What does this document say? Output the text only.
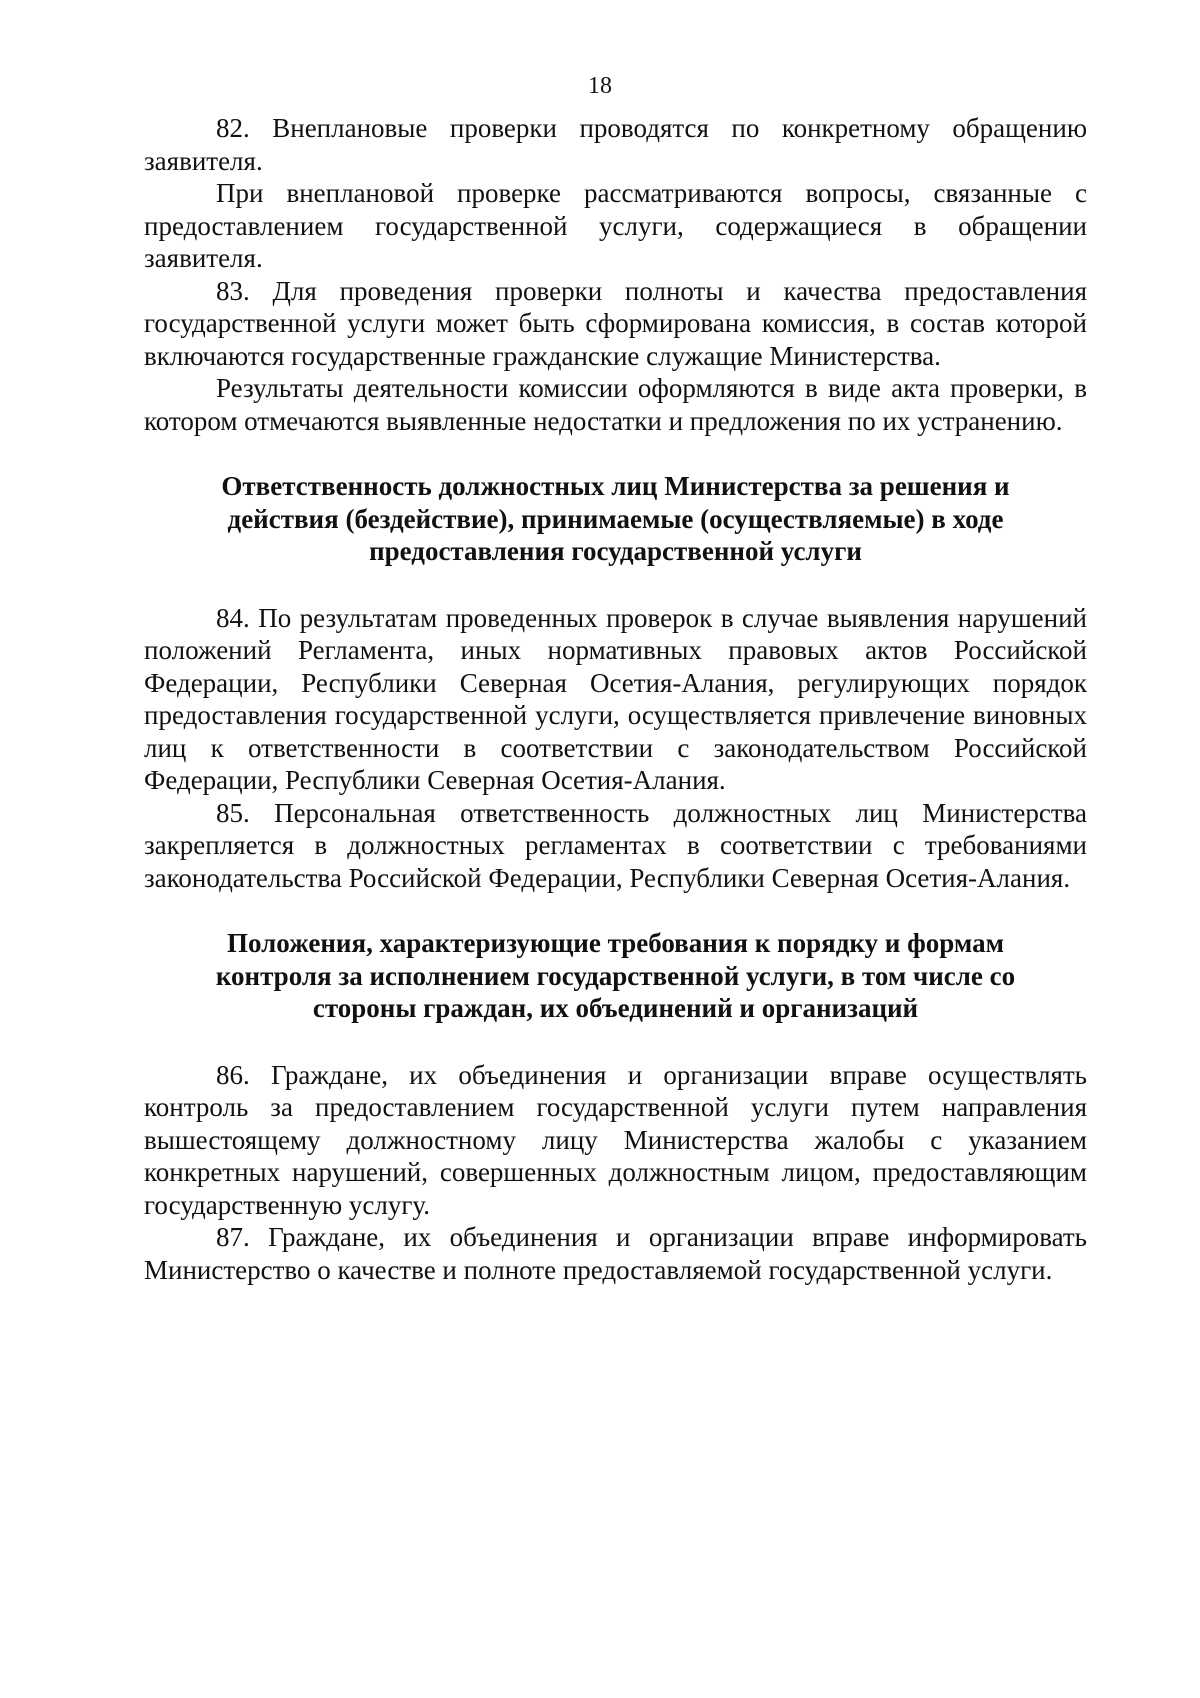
18

82. Внеплановые проверки проводятся по конкретному обращению заявителя.

При внеплановой проверке рассматриваются вопросы, связанные с предоставлением государственной услуги, содержащиеся в обращении заявителя.

83. Для проведения проверки полноты и качества предоставления государственной услуги может быть сформирована комиссия, в состав которой включаются государственные гражданские служащие Министерства.

Результаты деятельности комиссии оформляются в виде акта проверки, в котором отмечаются выявленные недостатки и предложения по их устранению.

Ответственность должностных лиц Министерства за решения и
действия (бездействие), принимаемые (осуществляемые) в ходе
предоставления государственной услуги

84. По результатам проведенных проверок в случае выявления нарушений положений Регламента, иных нормативных правовых актов Российской Федерации, Республики Северная Осетия-Алания, регулирующих порядок предоставления государственной услуги, осуществляется привлечение виновных лиц к ответственности в соответствии с законодательством Российской Федерации, Республики Северная Осетия-Алания.

85. Персональная ответственность должностных лиц Министерства закрепляется в должностных регламентах в соответствии с требованиями законодательства Российской Федерации, Республики Северная Осетия-Алания.

Положения, характеризующие требования к порядку и формам
контроля за исполнением государственной услуги, в том числе со
стороны граждан, их объединений и организаций

86. Граждане, их объединения и организации вправе осуществлять контроль за предоставлением государственной услуги путем направления вышестоящему должностному лицу Министерства жалобы с указанием конкретных нарушений, совершенных должностным лицом, предоставляющим государственную услугу.

87. Граждане, их объединения и организации вправе информировать Министерство о качестве и полноте предоставляемой государственной услуги.
